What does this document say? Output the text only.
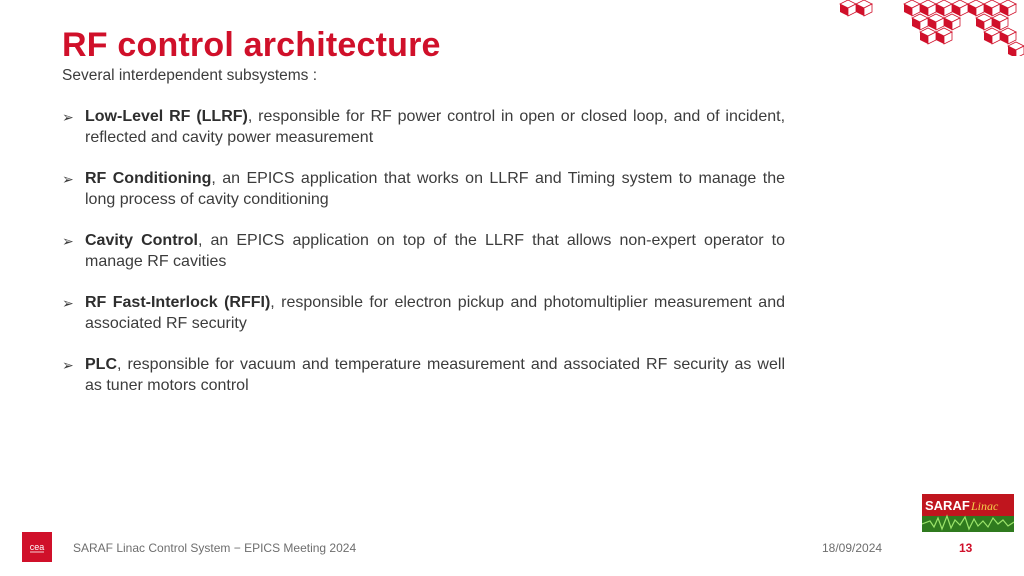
RF control architecture
Several interdependent subsystems :
➢ Low-Level RF (LLRF), responsible for RF power control in open or closed loop, and of incident, reflected and cavity power measurement
➢ RF Conditioning, an EPICS application that works on LLRF and Timing system to manage the long process of cavity conditioning
➢ Cavity Control, an EPICS application on top of the LLRF that allows non-expert operator to manage RF cavities
➢ RF Fast-Interlock (RFFI), responsible for electron pickup and photomultiplier measurement and associated RF security
➢ PLC, responsible for vacuum and temperature measurement and associated RF security as well as tuner motors control
SARAF Linac
cea SARAF Linac Control System − EPICS Meeting 2024	18/09/2024	13
